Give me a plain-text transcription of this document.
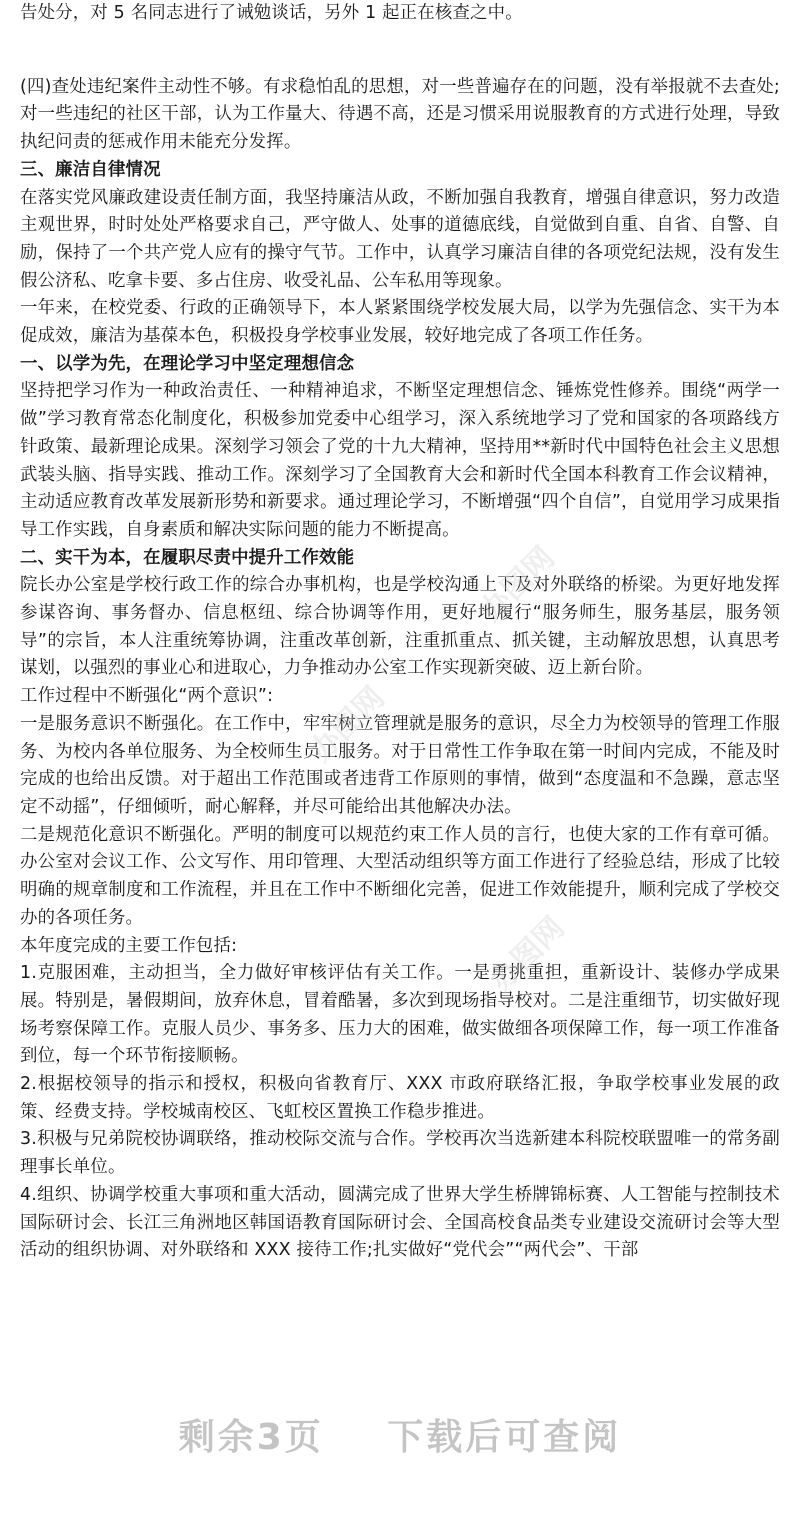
告处分，对 5 名同志进行了诫勉谈话，另外 1 起正在核查之中。

(四)查处违纪案件主动性不够。有求稳怕乱的思想，对一些普遍存在的问题，没有举报就不去查处;对一些违纪的社区干部，认为工作量大、待遇不高，还是习惯采用说服教育的方式进行处理，导致执纪问责的惩戒作用未能充分发挥。

三、廉洁自律情况

在落实党风廉政建设责任制方面，我坚持廉洁从政，不断加强自我教育，增强自律意识，努力改造主观世界，时时处处严格要求自己，严守做人、处事的道德底线，自觉做到自重、自省、自警、自励，保持了一个共产党人应有的操守气节。工作中，认真学习廉洁自律的各项党纪法规，没有发生假公济私、吃拿卡要、多占住房、收受礼品、公车私用等现象。

一年来，在校党委、行政的正确领导下，本人紧紧围绕学校发展大局，以学为先强信念、实干为本促成效，廉洁为基葆本色，积极投身学校事业发展，较好地完成了各项工作任务。

一、以学为先，在理论学习中坚定理想信念

坚持把学习作为一种政治责任、一种精神追求，不断坚定理想信念、锤炼党性修养。围绕“两学一做”学习教育常态化制度化，积极参加党委中心组学习，深入系统地学习了党和国家的各项路线方针政策、最新理论成果。深刻学习领会了党的十九大精神，坚持用**新时代中国特色社会主义思想武装头脑、指导实践、推动工作。深刻学习了全国教育大会和新时代全国本科教育工作会议精神，主动适应教育改革发展新形势和新要求。通过理论学习，不断增强“四个自信”，自觉用学习成果指导工作实践，自身素质和解决实际问题的能力不断提高。

二、实干为本，在履职尽责中提升工作效能

院长办公室是学校行政工作的综合办事机构，也是学校沟通上下及对外联络的桥梁。为更好地发挥参谋咨询、事务督办、信息枢纽、综合协调等作用，更好地履行“服务师生，服务基层，服务领导”的宗旨，本人注重统筹协调，注重改革创新，注重抓重点、抓关键，主动解放思想，认真思考谋划，以强烈的事业心和进取心，力争推动办公室工作实现新突破、迈上新台阶。

工作过程中不断强化“两个意识”:

一是服务意识不断强化。在工作中，牢牢树立管理就是服务的意识，尽全力为校领导的管理工作服务、为校内各单位服务、为全校师生员工服务。对于日常性工作争取在第一时间内完成，不能及时完成的也给出反馈。对于超出工作范围或者违背工作原则的事情，做到“态度温和不急躁，意志坚定不动摇”，仔细倾听，耐心解释，并尽可能给出其他解决办法。

二是规范化意识不断强化。严明的制度可以规范约束工作人员的言行，也使大家的工作有章可循。办公室对会议工作、公文写作、用印管理、大型活动组织等方面工作进行了经验总结，形成了比较明确的规章制度和工作流程，并且在工作中不断细化完善，促进工作效能提升，顺利完成了学校交办的各项任务。

本年度完成的主要工作包括:

1.克服困难，主动担当，全力做好审核评估有关工作。一是勇挑重担，重新设计、装修办学成果展。特别是，暑假期间，放弃休息，冒着酷暑，多次到现场指导校对。二是注重细节，切实做好现场考察保障工作。克服人员少、事务多、压力大的困难，做实做细各项保障工作，每一项工作准备到位，每一个环节衔接顺畅。

2.根据校领导的指示和授权，积极向省教育厅、XXX 市政府联络汇报，争取学校事业发展的政策、经费支持。学校城南校区、飞虹校区置换工作稳步推进。

3.积极与兄弟院校协调联络，推动校际交流与合作。学校再次当选新建本科院校联盟唯一的常务副理事长单位。

4.组织、协调学校重大事项和重大活动，圆满完成了世界大学生桥牌锦标赛、人工智能与控制技术国际研讨会、长江三角洲地区韩国语教育国际研讨会、全国高校食品类专业建设交流研讨会等大型活动的组织协调、对外联络和 XXX 接待工作;扎实做好“党代会”“两代会”、干部

办图网
办图网
办图网
剩余3页 下载后可查阅
